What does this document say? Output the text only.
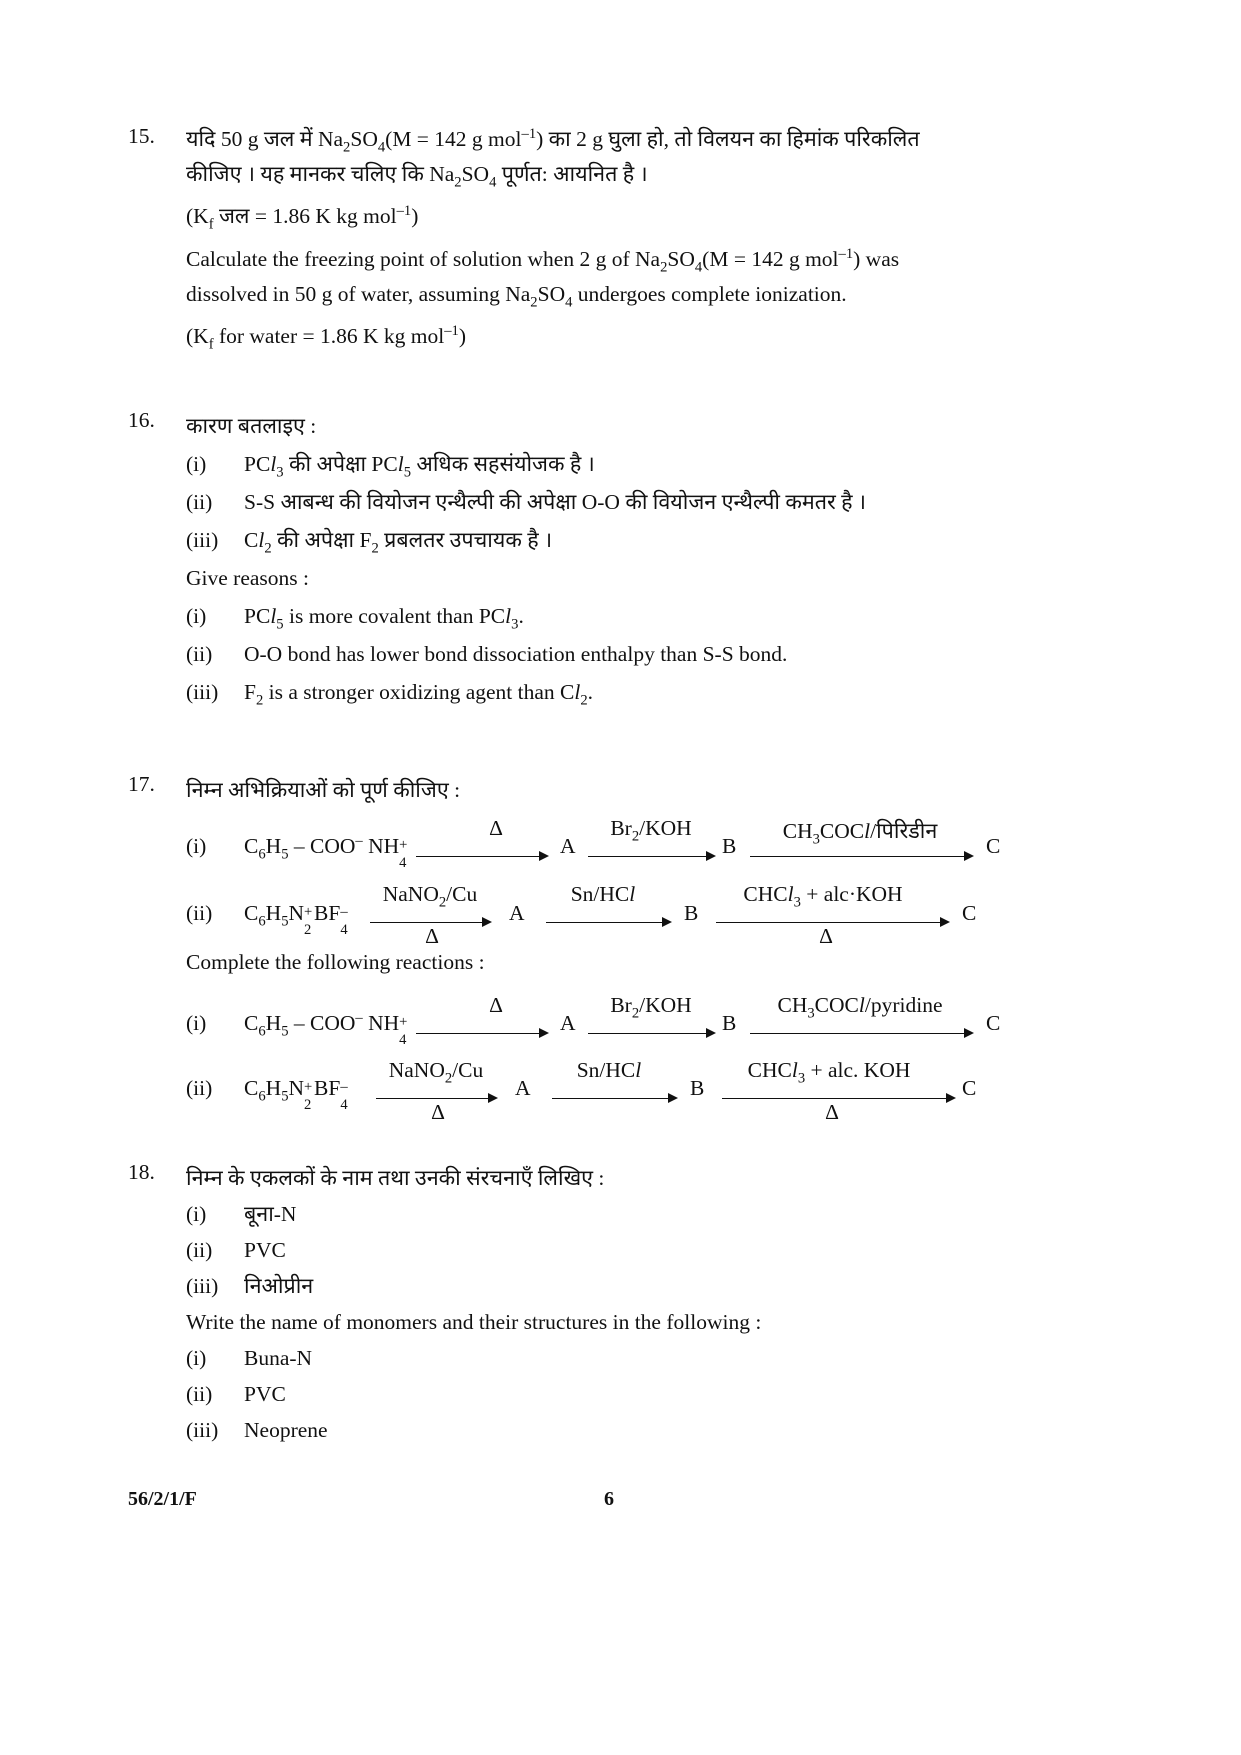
15.	यदि 50 g जल में $Na_2SO_4(M = 142$ g mol$^{-1}$) का 2 g घुला हो, तो विलयन का हिमांक परिकलित
कीजिए । यह मानकर चलिए कि $Na_2SO_4$ पूर्णत: आयनित है ।
($K_f$ जल = 1.86 K kg mol$^{-1}$)
Calculate the freezing point of solution when 2 g of $Na_2SO_4(M = 142$ g mol$^{-1}$) was
dissolved in 50 g of water, assuming $Na_2SO_4$ undergoes complete ionization.
($K_f$ for water = 1.86 K kg mol$^{-1}$)
16.	कारण बतलाइए :
(i)	PCl$_3$ की अपेक्षा PCl$_5$ अधिक सहसंयोजक है ।
(ii)	S-S आबन्ध की वियोजन एन्थैल्पी की अपेक्षा O-O की वियोजन एन्थैल्पी कमतर है ।
(iii)	$Cl_2$ की अपेक्षा $F_2$ प्रबलतर उपचायक है ।
Give reasons :
(i)	PCl$_5$ is more covalent than PCl$_3$.
(ii)	O-O bond has lower bond dissociation enthalpy than S-S bond.
(iii)	$F_2$ is a stronger oxidizing agent than $Cl_2$.
17.	निम्न अभिक्रियाओं को पूर्ण कीजिए :
(i) $C_6H_5 - COO^-$ NH +
4
Δ
A
$Br_2$/KOH
B
$CH_3COCl/पिरिडीन$
C
(ii) $C_6H_5N$ +
2
BF –
4
NaNO$_2$/Cu
Δ
A
Sn/HCl
B
CHCl$_3$ + alc·KOH
Δ
C
Complete the following reactions :
(i) $C_6H_5 - COO^-$ NH +
4
Δ
A
$Br_2$/KOH
B
$CH_3COCl$/pyridine
C
(ii) $C_6H_5N$ +
2
BF –
4
NaNO$_2$/Cu
Δ
A
Sn/HCl
B
CHCl$_3$ + alc. KOH
Δ
C
18.	निम्न के एकलकों के नाम तथा उनकी संरचनाएँ लिखिए :
(i)	बूना-N
(ii)	PVC
(iii)	निओप्रीन
Write the name of monomers and their structures in the following :
(i)	Buna-N
(ii)	PVC
(iii)	Neoprene
56/2/1/F	6
